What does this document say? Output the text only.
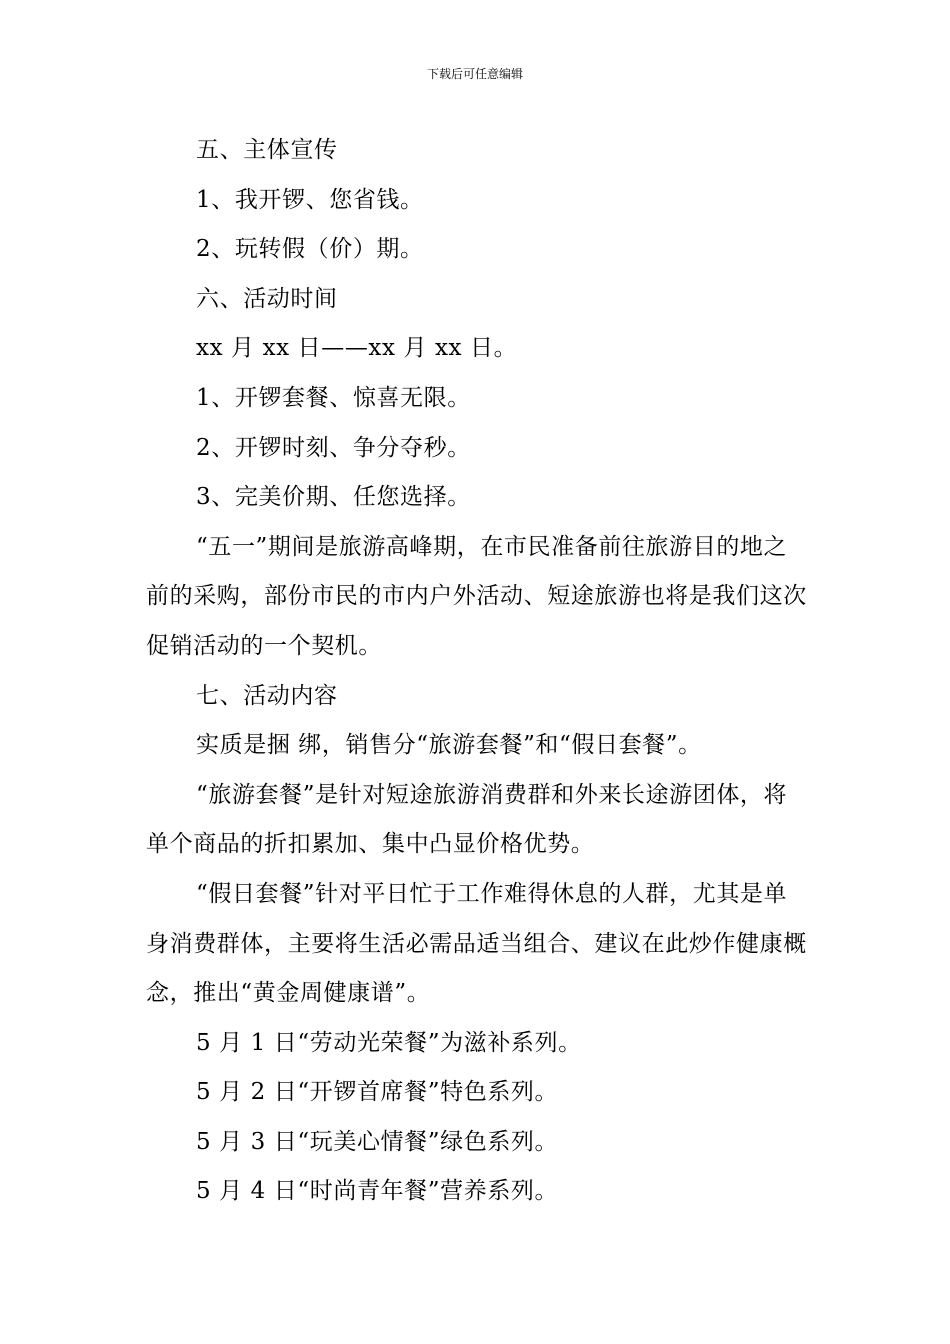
下载后可任意编辑

五、主体宣传

1、我开锣、您省钱。

2、玩转假（价）期。

六、活动时间

xx 月 xx 日——xx 月 xx 日。

1、开锣套餐、惊喜无限。

2、开锣时刻、争分夺秒。

3、完美价期、任您选择。

“五一”期间是旅游高峰期，在市民准备前往旅游目的地之前的采购，部份市民的市内户外活动、短途旅游也将是我们这次促销活动的一个契机。

七、活动内容

实质是捆 绑，销售分“旅游套餐”和“假日套餐”。

“旅游套餐”是针对短途旅游消费群和外来长途游团体，将单个商品的折扣累加、集中凸显价格优势。

“假日套餐”针对平日忙于工作难得休息的人群，尤其是单身消费群体，主要将生活必需品适当组合、建议在此炒作健康概念，推出“黄金周健康谱”。

5 月 1 日“劳动光荣餐”为滋补系列。

5 月 2 日“开锣首席餐”特色系列。

5 月 3 日“玩美心情餐”绿色系列。

5 月 4 日“时尚青年餐”营养系列。
